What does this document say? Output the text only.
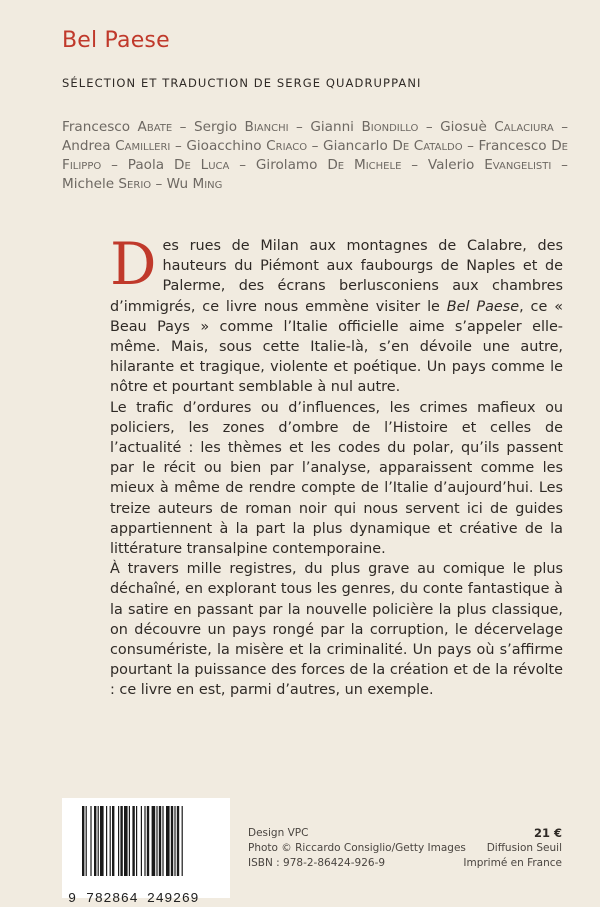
Bel Paese
SÉLECTION ET TRADUCTION DE SERGE QUADRUPPANI

Francesco Abate – Sergio Bianchi – Gianni Biondillo – Giosuè Calaciura – Andrea Camilleri – Gioacchino Criaco – Giancarlo De Cataldo – Francesco De Filippo – Paola De Luca – Girolamo De Michele – Valerio Evangelisti – Michele Serio – Wu Ming

Des rues de Milan aux montagnes de Calabre, des hauteurs du Piémont aux faubourgs de Naples et de Palerme, des écrans berlusconiens aux chambres d’immigrés, ce livre nous emmène visiter le Bel Paese, ce « Beau Pays » comme l’Italie officielle aime s’appeler elle-même. Mais, sous cette Italie-là, s’en dévoile une autre, hilarante et tragique, violente et poétique. Un pays comme le nôtre et pourtant semblable à nul autre.

Le trafic d’ordures ou d’influences, les crimes mafieux ou policiers, les zones d’ombre de l’Histoire et celles de l’actualité : les thèmes et les codes du polar, qu’ils passent par le récit ou bien par l’analyse, apparaissent comme les mieux à même de rendre compte de l’Italie d’aujourd’hui. Les treize auteurs de roman noir qui nous servent ici de guides appartiennent à la part la plus dynamique et créative de la littérature transalpine contemporaine.

À travers mille registres, du plus grave au comique le plus déchaîné, en explorant tous les genres, du conte fantastique à la satire en passant par la nouvelle policière la plus classique, on découvre un pays rongé par la corruption, le décervelage consumériste, la misère et la criminalité. Un pays où s’affirme pourtant la puissance des forces de la création et de la révolte : ce livre en est, parmi d’autres, un exemple.

9 782864 249269
Design VPC
Photo © Riccardo Consiglio/Getty Images
ISBN : 978-2-86424-926-9
21 €
Diffusion Seuil
Imprimé en France
